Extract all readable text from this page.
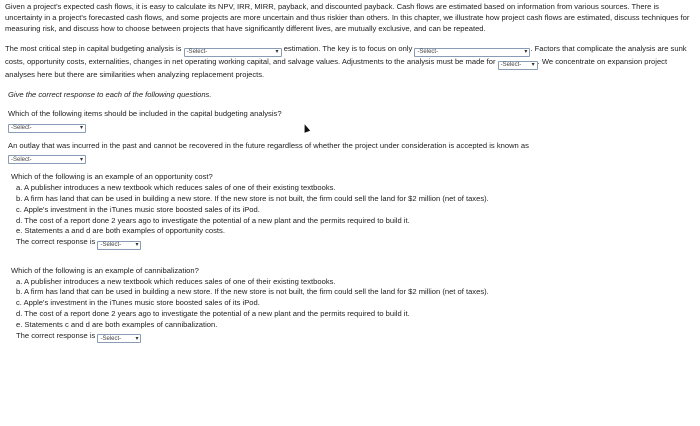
Given a project's expected cash flows, it is easy to calculate its NPV, IRR, MIRR, payback, and discounted payback. Cash flows are estimated based on information from various sources. There is uncertainty in a project's forecasted cash flows, and some projects are more uncertain and thus riskier than others. In this chapter, we illustrate how project cash flows are estimated, discuss techniques for measuring risk, and discuss how to choose between projects that have significantly different lives, are mutually exclusive, and can be repeated.

The most critical step in capital budgeting analysis is -Select-	▾ estimation. The key is to focus on only -Select-	▾ . Factors that complicate the analysis are sunk costs, opportunity costs, externalities, changes in net operating working capital, and salvage values. Adjustments to the analysis must be made for -Select- ▾ . We concentrate on expansion project analyses here but there are similarities when analyzing replacement projects.

Give the correct response to each of the following questions.

Which of the following items should be included in the capital budgeting analysis?

-Select-	▾

An outlay that was incurred in the past and cannot be recovered in the future regardless of whether the project under consideration is accepted is known as

-Select-	▾

Which of the following is an example of an opportunity cost?

a. A publisher introduces a new textbook which reduces sales of one of their existing textbooks.

b. A firm has land that can be used in building a new store. If the new store is not built, the firm could sell the land for $2 million (net of taxes).

c. Apple's investment in the iTunes music store boosted sales of its iPod.

d. The cost of a report done 2 years ago to investigate the potential of a new plant and the permits required to build it.

e. Statements a and d are both examples of opportunity costs.

The correct response is -Select- ▾

Which of the following is an example of cannibalization?

a. A publisher introduces a new textbook which reduces sales of one of their existing textbooks.

b. A firm has land that can be used in building a new store. If the new store is not built, the firm could sell the land for $2 million (net of taxes).

c. Apple's investment in the iTunes music store boosted sales of its iPod.

d. The cost of a report done 2 years ago to investigate the potential of a new plant and the permits required to build it.

e. Statements c and d are both examples of cannibalization.

The correct response is -Select- ▾
